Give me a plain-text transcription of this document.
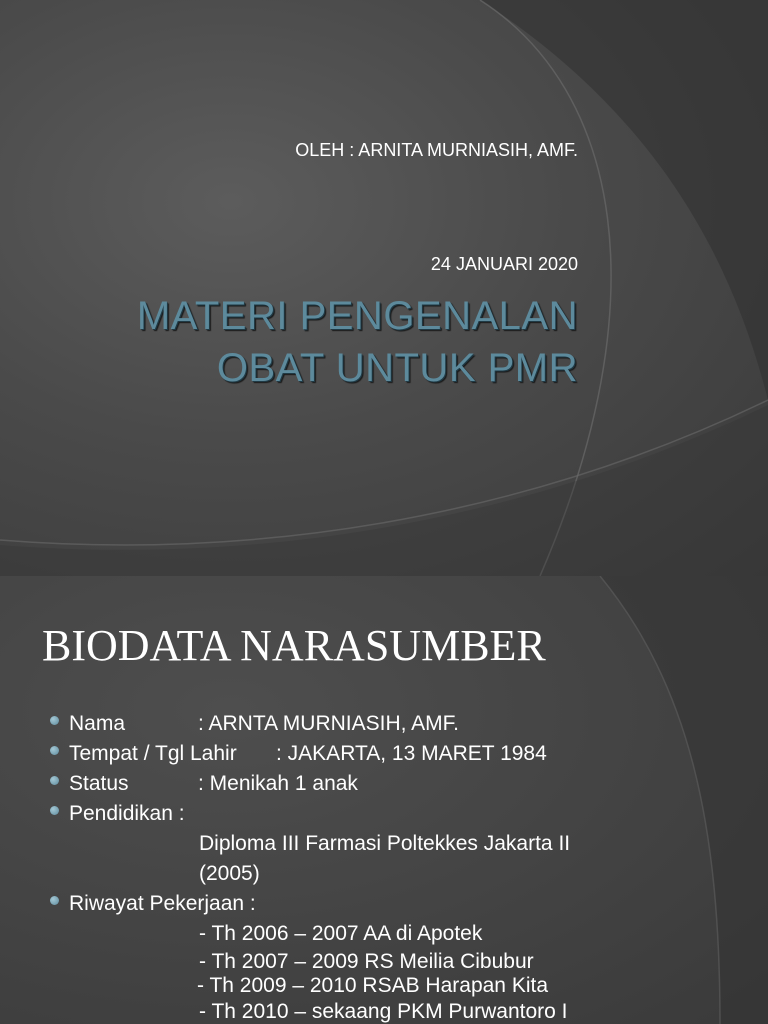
OLEH : ARNITA MURNIASIH, AMF.
24 JANUARI 2020
MATERI PENGENALAN
OBAT UNTUK PMR
BIODATA NARASUMBER
Nama	: ARNTA MURNIASIH, AMF.
Tempat / Tgl Lahir : JAKARTA, 13 MARET 1984
Status	: Menikah 1 anak
Pendidikan :
Diploma III Farmasi Poltekkes Jakarta II
(2005)
Riwayat Pekerjaan :
- Th 2006 – 2007 AA di Apotek
- Th 2007 – 2009 RS Meilia Cibubur
- Th 2009 – 2010 RSAB Harapan Kita
- Th 2010 – sekaang PKM Purwantoro I
